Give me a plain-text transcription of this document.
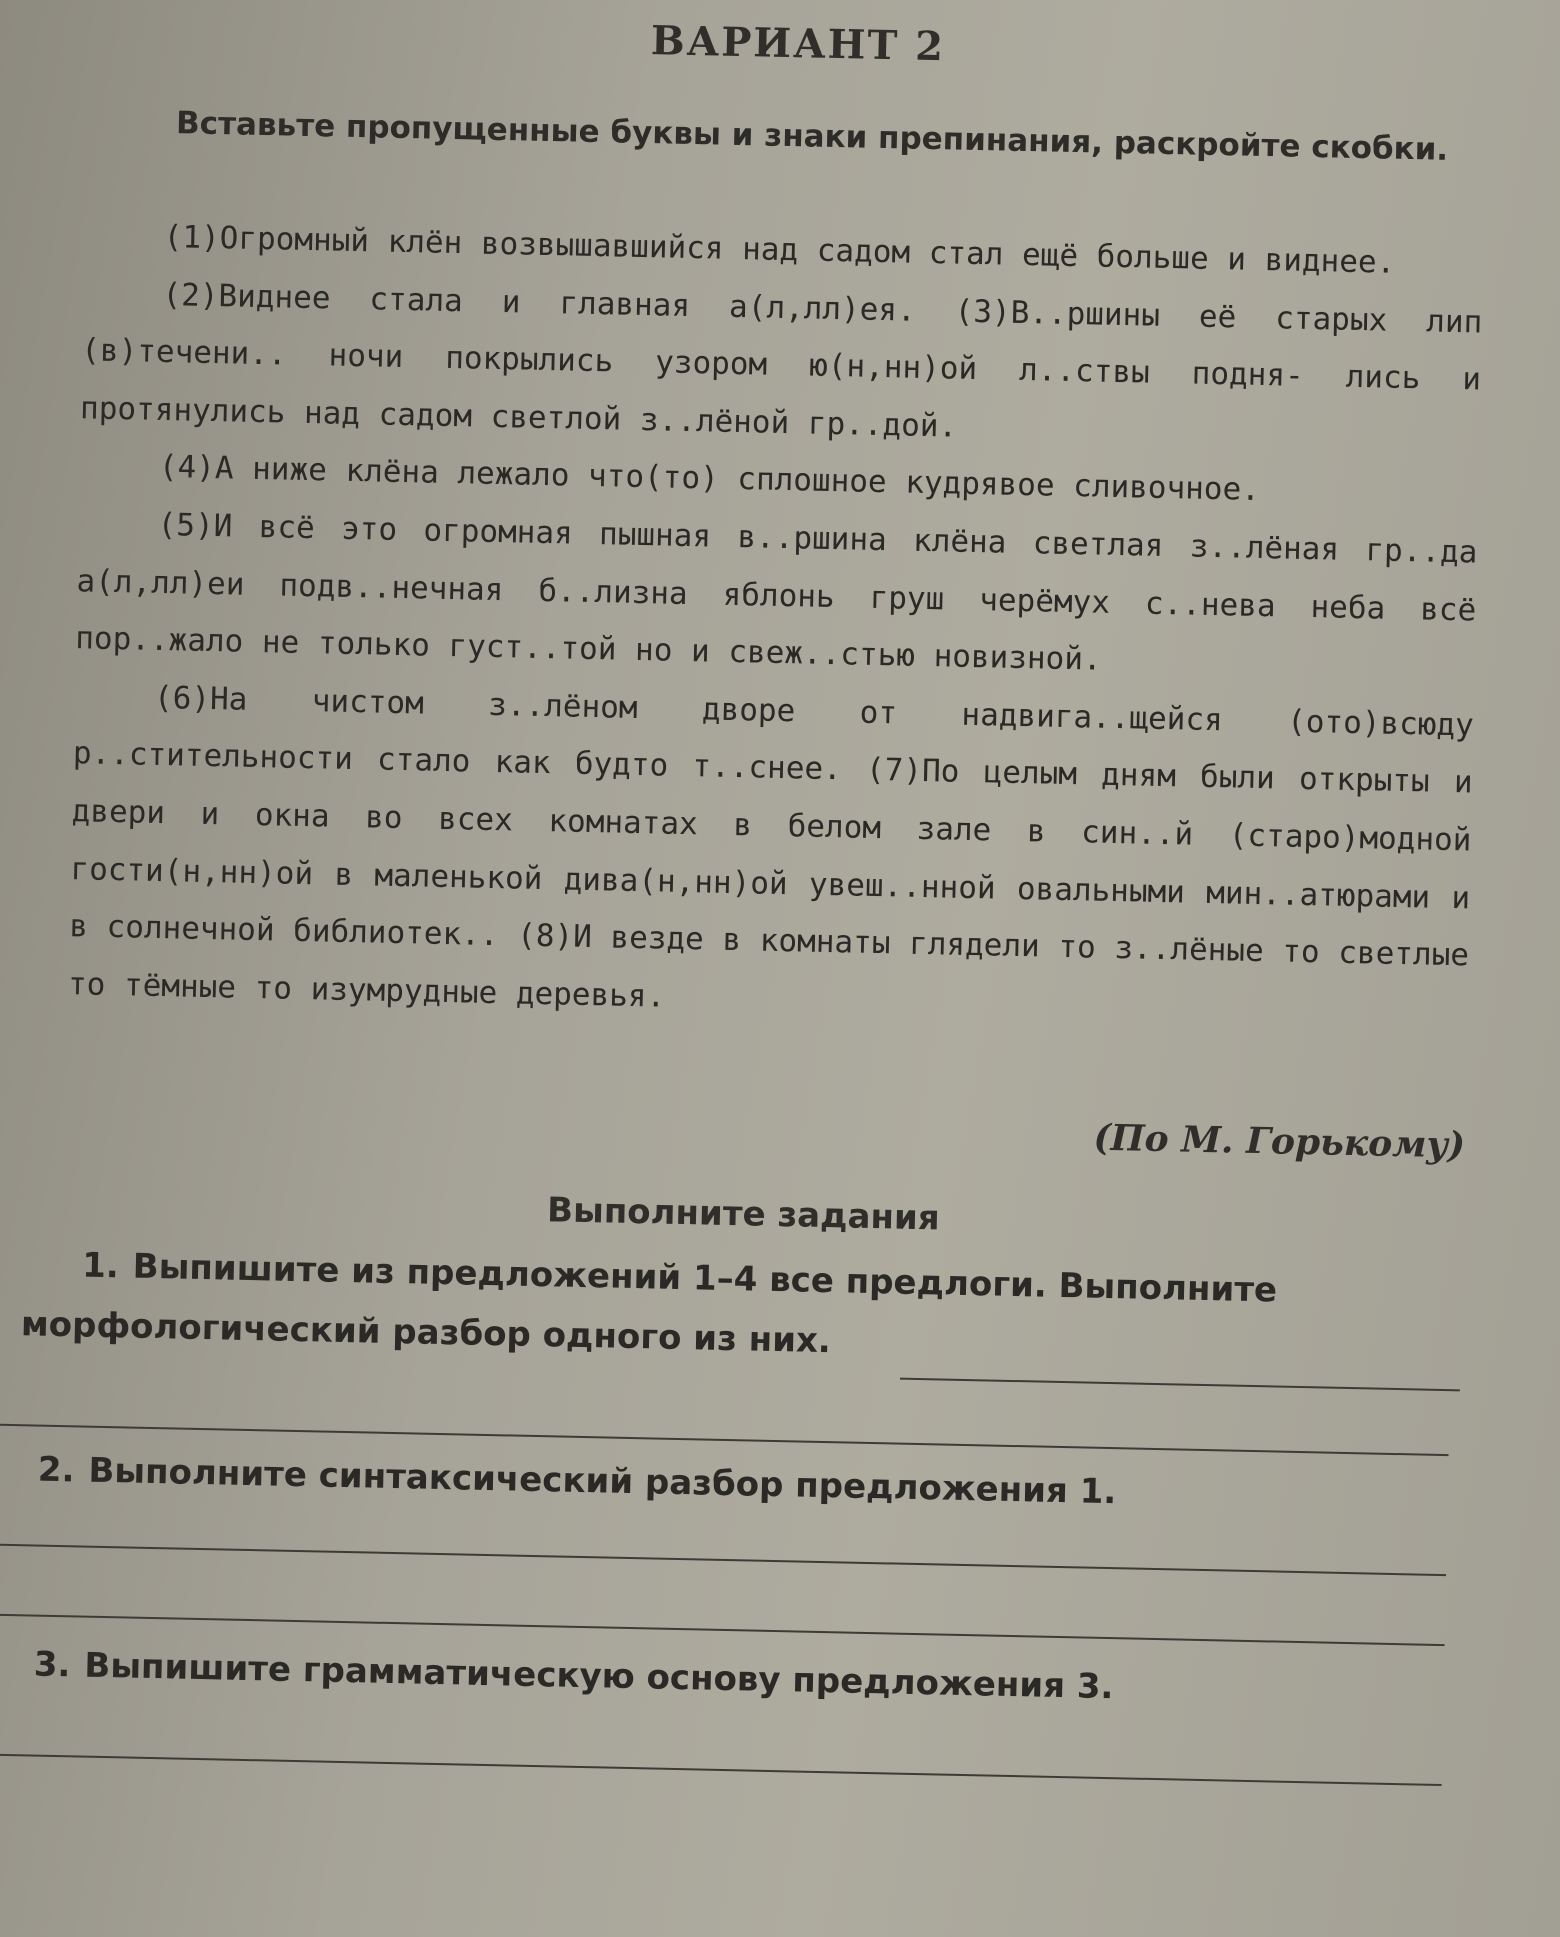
ВАРИАНТ 2
Вставьте пропущенные буквы и знаки препинания, раскройте скобки.

(1)Огромный клён возвышавшийся над садом стал ещё больше и виднее.

(2)Виднее стала и главная а(л,лл)ея. (3)В..ршины её старых лип (в)течени.. ночи покрылись узором ю(н,нн)ой л..ствы подня- лись и протянулись над садом светлой з..лёной гр..дой.

(4)А ниже клёна лежало что(то) сплошное кудрявое сливочное.

(5)И всё это огромная пышная в..ршина клёна светлая з..лёная гр..да а(л,лл)еи подв..нечная б..лизна яблонь груш черёмух с..нева неба всё пор..жало не только густ..той но и свеж..стью новизной.

(6)На чистом з..лёном дворе от надвига..щейся (ото)всюду р..стительности стало как будто т..снее. (7)По целым дням были открыты и двери и окна во всех комнатах в белом зале в син..й (старо)модной гости(н,нн)ой в маленькой дива(н,нн)ой увеш..нной овальными мин..атюрами и в солнечной библиотек.. (8)И везде в комнаты глядели то з..лёные то светлые то тёмные то изумрудные деревья.

(По М. Горькому)
Выполните задания
1. Выпишите из предложений 1–4 все предлоги. Выполните морфологический разбор одного из них.
2. Выполните синтаксический разбор предложения 1.
3. Выпишите грамматическую основу предложения 3.
